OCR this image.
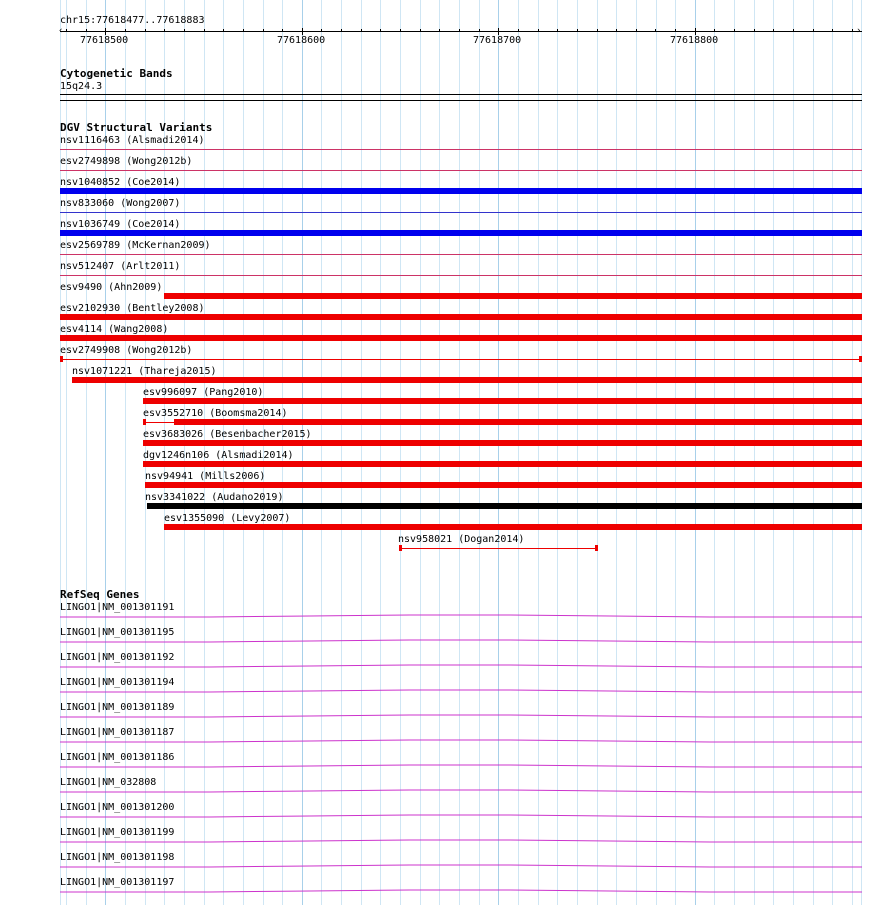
chr15:77618477..77618883
‹	›
77618500	77618600	77618700	77618800
Cytogenetic Bands
15q24.3
DGV Structural Variants
nsv1116463 (Alsmadi2014)
esv2749898 (Wong2012b)
nsv1040852 (Coe2014)
nsv833060 (Wong2007)
nsv1036749 (Coe2014)
esv2569789 (McKernan2009)
nsv512407 (Arlt2011)
esv9490 (Ahn2009)
esv2102930 (Bentley2008)
esv4114 (Wang2008)
esv2749908 (Wong2012b)
nsv1071221 (Thareja2015)
esv996097 (Pang2010)
esv3552710 (Boomsma2014)
esv3683026 (Besenbacher2015)
dgv1246n106 (Alsmadi2014)
nsv94941 (Mills2006)
nsv3341022 (Audano2019)
esv1355090 (Levy2007)
nsv958021 (Dogan2014)
RefSeq Genes
LINGO1|NM_001301191
LINGO1|NM_001301195
LINGO1|NM_001301192
LINGO1|NM_001301194
LINGO1|NM_001301189
LINGO1|NM_001301187
LINGO1|NM_001301186
LINGO1|NM_032808
LINGO1|NM_001301200
LINGO1|NM_001301199
LINGO1|NM_001301198
LINGO1|NM_001301197
